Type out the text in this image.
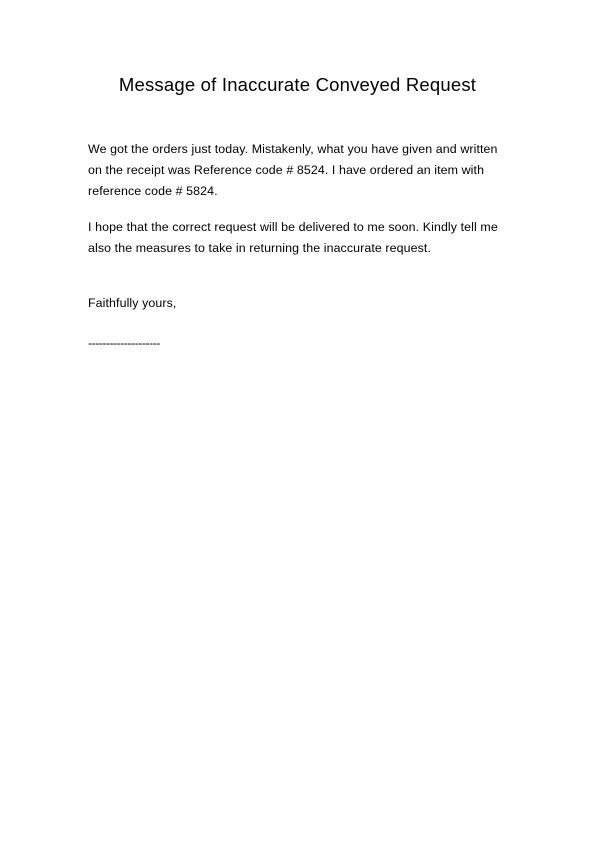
Message of Inaccurate Conveyed Request

We got the orders just today. Mistakenly, what you have given and written on the receipt was Reference code # 8524. I have ordered an item with reference code # 5824.

I hope that the correct request will be delivered to me soon. Kindly tell me also the measures to take in returning the inaccurate request.

Faithfully yours,

--------------------
